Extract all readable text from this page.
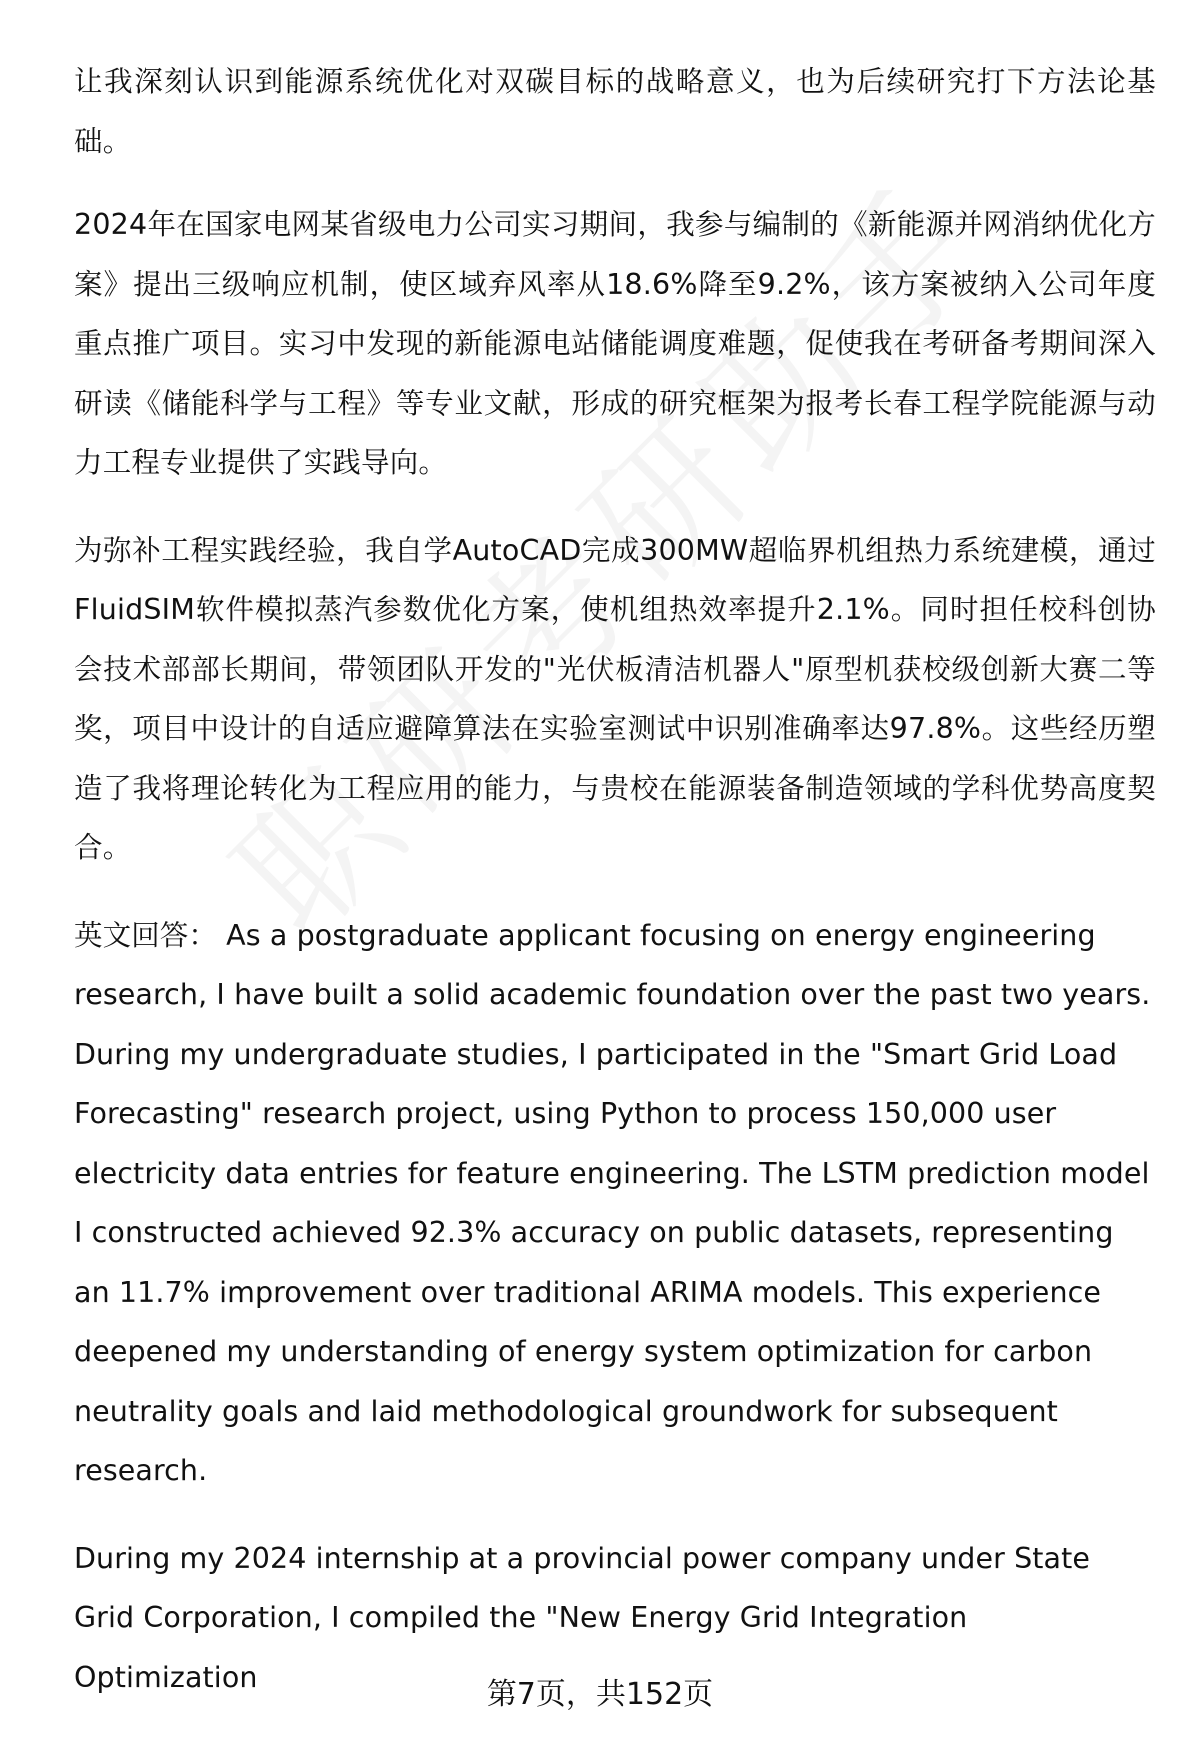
让我深刻认识到能源系统优化对双碳目标的战略意义，也为后续研究打下方法论基础。

2024年在国家电网某省级电力公司实习期间，我参与编制的《新能源并网消纳优化方案》提出三级响应机制，使区域弃风率从18.6%降至9.2%，该方案被纳入公司年度重点推广项目。实习中发现的新能源电站储能调度难题，促使我在考研备考期间深入研读《储能科学与工程》等专业文献，形成的研究框架为报考长春工程学院能源与动力工程专业提供了实践导向。

为弥补工程实践经验，我自学AutoCAD完成300MW超临界机组热力系统建模，通过FluidSIM软件模拟蒸汽参数优化方案，使机组热效率提升2.1%。同时担任校科创协会技术部部长期间，带领团队开发的"光伏板清洁机器人"原型机获校级创新大赛二等奖，项目中设计的自适应避障算法在实验室测试中识别准确率达97.8%。这些经历塑造了我将理论转化为工程应用的能力，与贵校在能源装备制造领域的学科优势高度契合。

英文回答： As a postgraduate applicant focusing on energy engineering research, I have built a solid academic foundation over the past two years. During my undergraduate studies, I participated in the "Smart Grid Load Forecasting" research project, using Python to process 150,000 user electricity data entries for feature engineering. The LSTM prediction model I constructed achieved 92.3% accuracy on public datasets, representing an 11.7% improvement over traditional ARIMA models. This experience deepened my understanding of energy system optimization for carbon neutrality goals and laid methodological groundwork for subsequent research.

During my 2024 internship at a provincial power company under State Grid Corporation, I compiled the "New Energy Grid Integration Optimization	第7页，共152页
